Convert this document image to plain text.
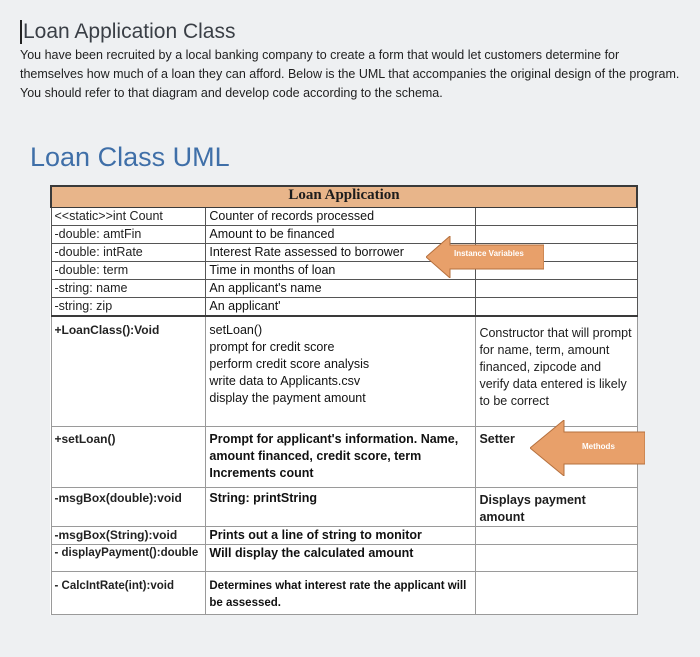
Loan Application Class
You have been recruited by a local banking company to create a form that would let customers determine for themselves how much of a loan they can afford. Below is the UML that accompanies the original design of the program. You should refer to that diagram and develop code according to the schema.
Loan Class UML
Loan Application		
<<static>>int Count	Counter of records processed	
-double: amtFin	Amount to be financed	
-double: intRate	Interest Rate assessed to borrower	
-double: term	Time in months of loan	
-string: name	An applicant's name	
-string: zip	An applicant'	
+LoanClass():Void	setLoan()
prompt for credit score
perform credit score analysis
write data to Applicants.csv
display the payment amount	Constructor that will prompt for name, term, amount financed, zipcode and verify data entered is likely to be correct
+setLoan()	Prompt for applicant's information. Name, amount financed, credit score, term Increments count	Setter
-msgBox(double):void	String: printString	Displays payment amount
-msgBox(String):void	Prints out a line of string to monitor	
- displayPayment():double	Will display the calculated amount	
- CalcIntRate(int):void	Determines what interest rate the applicant will be assessed.	
Instance Variables
Methods
